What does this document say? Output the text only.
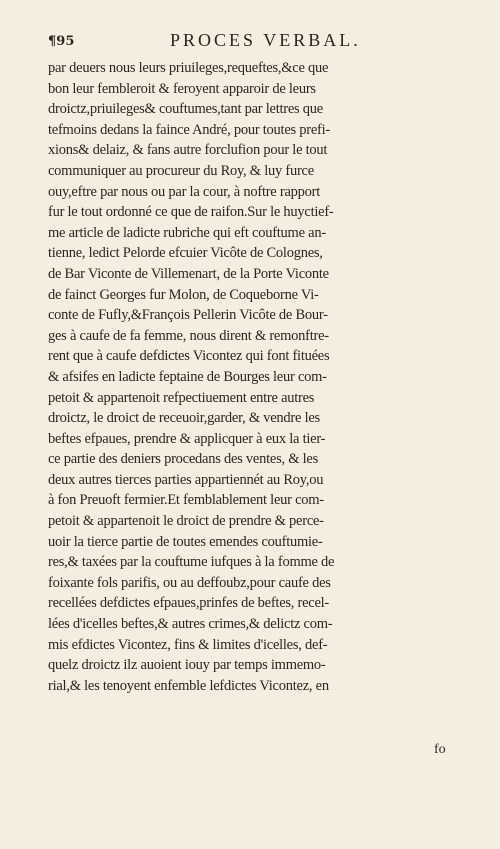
¶95	PROCES VERBAL.
par deuers nous leurs priuileges,requeftes,&ce que
bon leur fembleroit & feroyent apparoir de leurs
droictz,priuileges& couftumes,tant par lettres que
tefmoins dedans la faince André, pour toutes prefi-
xions& delaiz, & fans autre forclufion pour le tout
communiquer au procureur du Roy, & luy furce
ouy,eftre par nous ou par la cour, à noftre rapport
fur le tout ordonné ce que de raifon.Sur le huyctief-
me article de ladicte rubriche qui eft couftume an-
tienne, ledict Pelorde efcuier Vicôte de Colognes,
de Bar Viconte de Villemenart, de la Porte Viconte
de fainct Georges fur Molon, de Coqueborne Vi-
conte de Fufly,&François Pellerin Vicôte de Bour-
ges à caufe de fa femme, nous dirent & remonftre-
rent que à caufe defdictes Vicontez qui font fituées
& afsifes en ladicte feptaine de Bourges leur com-
petoit & appartenoit refpectiuement entre autres
droictz, le droict de receuoir,garder, & vendre les
beftes efpaues, prendre & applicquer à eux la tier-
ce partie des deniers procedans des ventes, & les
deux autres tierces parties appartiennét au Roy,ou
à fon Preuoft fermier.Et femblablement leur com-
petoit & appartenoit le droict de prendre & perce-
uoir la tierce partie de toutes emendes couftumie-
res,& taxées par la couftume iufques à la fomme de
foixante fols parifis, ou au deffoubz,pour caufe des
recellées defdictes efpaues,prinfes de beftes, recel-
lées d'icelles beftes,& autres crimes,& delictz com-
mis efdictes Vicontez, fins & limites d'icelles, def-
quelz droictz ilz auoient iouy par temps immemo-
rial,& les tenoyent enfemble lefdictes Vicontez, en
fo
